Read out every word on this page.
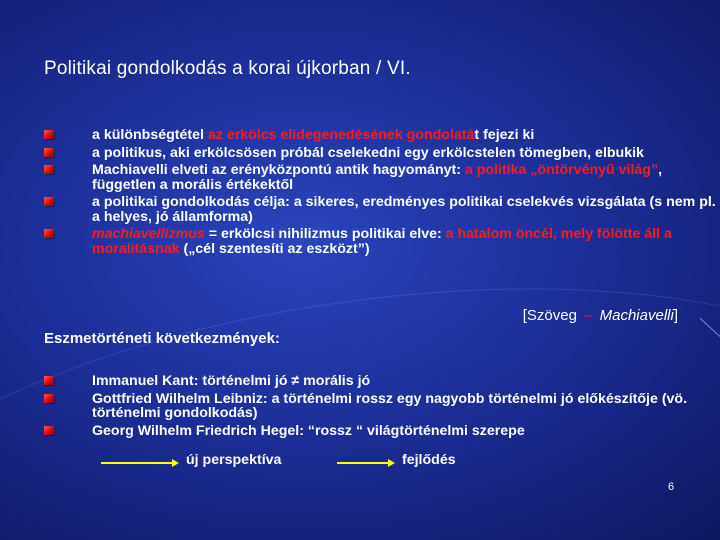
Politikai gondolkodás a korai újkorban / VI.
a különbségtétel az erkölcs elidegenedésének gondolatát fejezi ki
a politikus, aki erkölcsösen próbál cselekedni egy erkölcstelen tömegben, elbukik
Machiavelli elveti az erényközpontú antik hagyományt: a politika „öntörvényű világ”, független a morális értékektől
a politikai gondolkodás célja: a sikeres, eredményes politikai cselekvés vizsgálata (s nem pl. a helyes, jó államforma)
machiavellizmus = erkölcsi nihilizmus politikai elve: a hatalom öncél, mely fölötte áll a moralitásnak („cél szentesíti az eszközt”)
[Szöveg – Machiavelli]
Eszmetörténeti következmények:
Immanuel Kant: történelmi jó ≠ morális jó
Gottfried Wilhelm Leibniz: a történelmi rossz egy nagyobb történelmi jó előkészítője (vö. történelmi gondolkodás)
Georg Wilhelm Friedrich Hegel: “rossz “ világtörténelmi szerepe
új perspektíva	fejlődés
6
